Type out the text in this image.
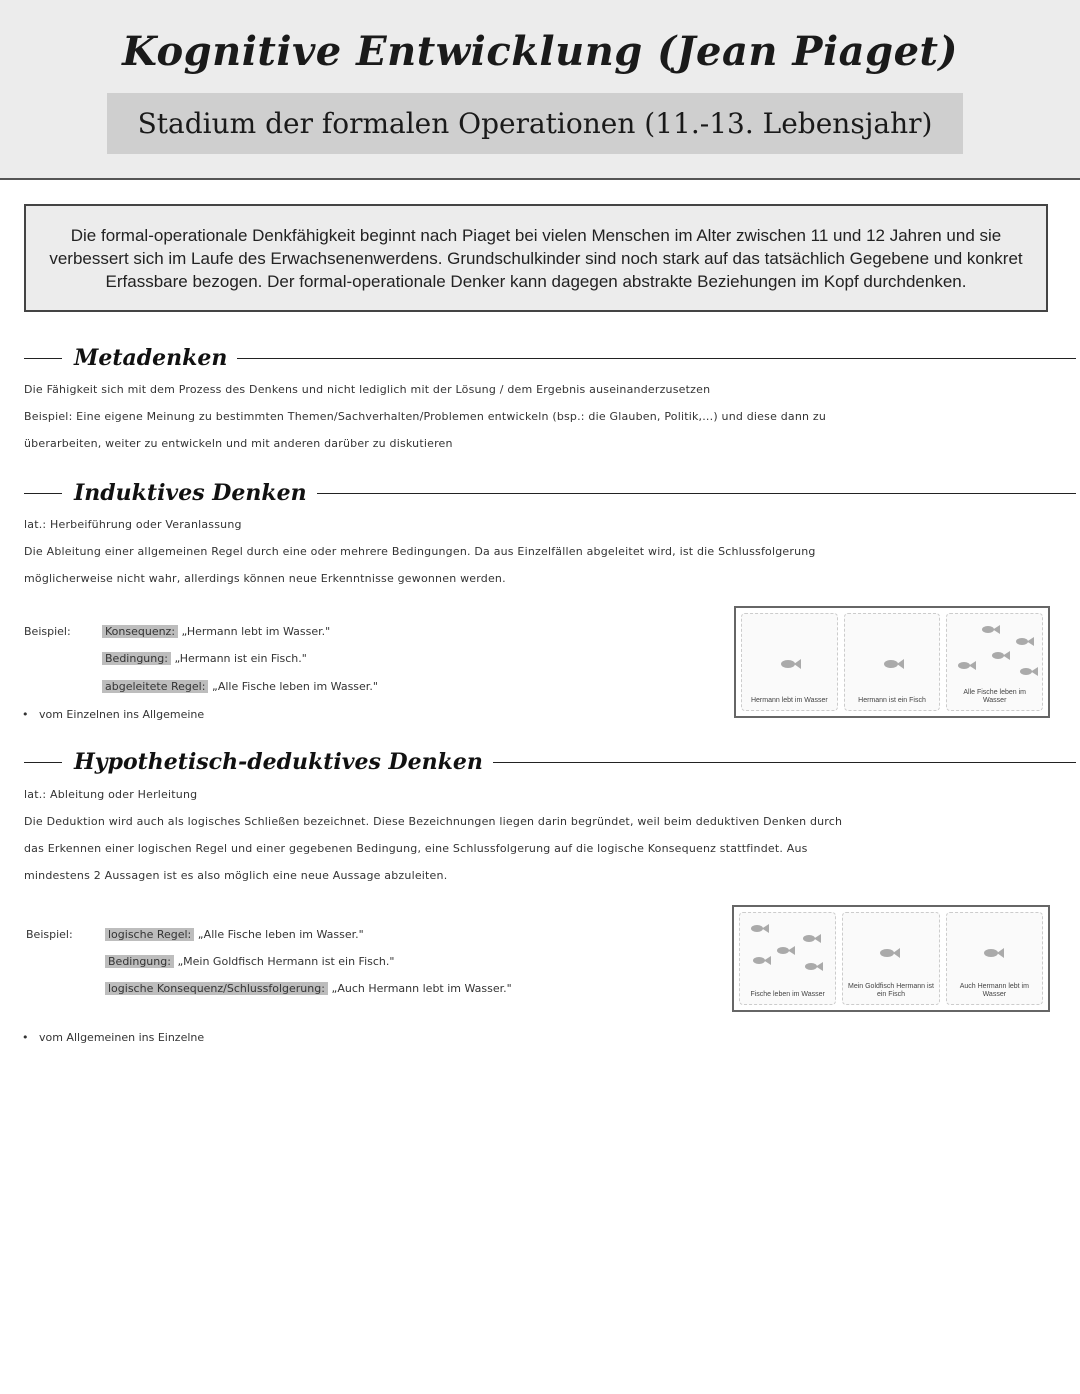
Kognitive Entwicklung (Jean Piaget)
Stadium der formalen Operationen (11.-13. Lebensjahr)
Die formal-operationale Denkfähigkeit beginnt nach Piaget bei vielen Menschen im Alter zwischen 11 und 12 Jahren und sie verbessert sich im Laufe des Erwachsenenwerdens. Grundschulkinder sind noch stark auf das tatsächlich Gegebene und konkret Erfassbare bezogen. Der formal-operationale Denker kann dagegen abstrakte Beziehungen im Kopf durchdenken.
Metadenken
Die Fähigkeit sich mit dem Prozess des Denkens und nicht lediglich mit der Lösung / dem Ergebnis auseinanderzusetzen
Beispiel: Eine eigene Meinung zu bestimmten Themen/Sachverhalten/Problemen entwickeln (bsp.: die Glauben, Politik,...) und diese dann zu
überarbeiten, weiter zu entwickeln und mit anderen darüber zu diskutieren
Induktives Denken
lat.: Herbeiführung oder Veranlassung
Die Ableitung einer allgemeinen Regel durch eine oder mehrere Bedingungen. Da aus Einzelfällen abgeleitet wird, ist die Schlussfolgerung
möglicherweise nicht wahr, allerdings können neue Erkenntnisse gewonnen werden.
Beispiel:	Konsequenz: „Hermann lebt im Wasser."
Bedingung: „Hermann ist ein Fisch."
abgeleitete Regel: „Alle Fische leben im Wasser."
•   vom Einzelnen ins Allgemeine
Hermann lebt im Wasser	Hermann ist ein Fisch
Alle Fische leben im Wasser
Hypothetisch-deduktives Denken
lat.: Ableitung oder Herleitung
Die Deduktion wird auch als logisches Schließen bezeichnet. Diese Bezeichnungen liegen darin begründet, weil beim deduktiven Denken durch
das Erkennen einer logischen Regel und einer gegebenen Bedingung, eine Schlussfolgerung auf die logische Konsequenz stattfindet. Aus
mindestens 2 Aussagen ist es also möglich eine neue Aussage abzuleiten.
Beispiel:	logische Regel: „Alle Fische leben im Wasser."
Bedingung: „Mein Goldfisch Hermann ist ein Fisch."
logische Konsequenz/Schlussfolgerung: „Auch Hermann lebt im Wasser."
•   vom Allgemeinen ins Einzelne
Fische leben im Wasser
Mein Goldfisch Hermann ist ein Fisch
Auch Hermann lebt im Wasser
